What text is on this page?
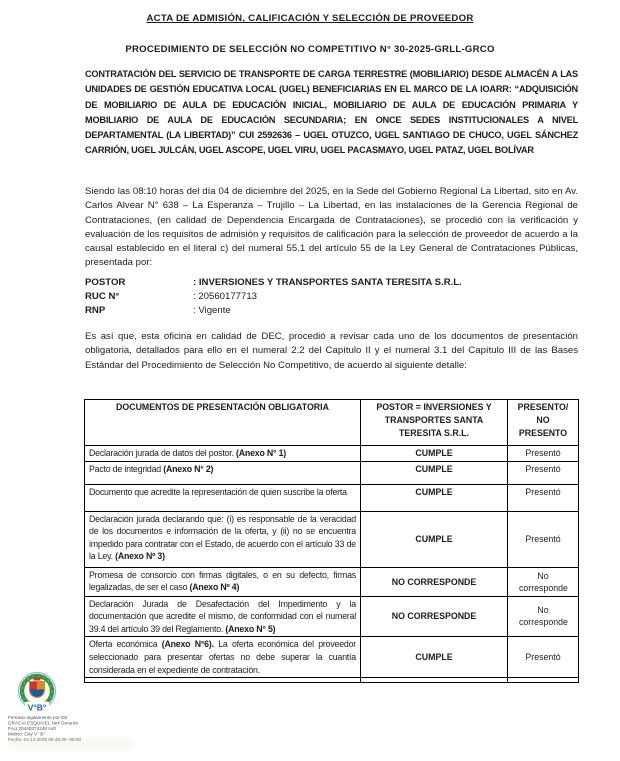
ACTA DE ADMISIÓN, CALIFICACIÓN Y SELECCIÓN DE PROVEEDOR
PROCEDIMIENTO DE SELECCIÓN NO COMPETITIVO N° 30-2025-GRLL-GRCO

CONTRATACIÓN DEL SERVICIO DE TRANSPORTE DE CARGA TERRESTRE (MOBILIARIO) DESDE ALMACÉN A LAS UNIDADES DE GESTIÓN EDUCATIVA LOCAL (UGEL) BENEFICIARIAS EN EL MARCO DE LA IOARR: “ADQUISICIÓN DE MOBILIARIO DE AULA DE EDUCACIÓN INICIAL, MOBILIARIO DE AULA DE EDUCACIÓN PRIMARIA Y MOBILIARIO DE AULA DE EDUCACIÓN SECUNDARIA; EN ONCE SEDES INSTITUCIONALES A NIVEL DEPARTAMENTAL (LA LIBERTAD)” CUI 2592636 – UGEL OTUZCO, UGEL SANTIAGO DE CHUCO, UGEL SÁNCHEZ CARRIÓN, UGEL JULCÁN, UGEL ASCOPE, UGEL VIRU, UGEL PACASMAYO, UGEL PATAZ, UGEL BOLÍVAR

Siendo las 08:10 horas del día 04 de diciembre del 2025, en la Sede del Gobierno Regional La Libertad, sito en Av. Carlos Alvear N° 638 – La Esperanza – Trujillo – La Libertad, en las instalaciones de la Gerencia Regional de Contrataciones, (en calidad de Dependencia Encargada de Contrataciones), se procedió con la verificación y evaluación de los requisitos de admisión y requisitos de calificación para la selección de proveedor de acuerdo a la causal establecido en el literal c) del numeral 55.1 del artículo 55 de la Ley General de Contrataciones Públicas, presentada por:

POSTOR	: INVERSIONES Y TRANSPORTES SANTA TERESITA S.R.L.
RUC N°	: 20560177713
RNP	: Vigente

Es así que, esta oficina en calidad de DEC, procedió a revisar cada uno de los documentos de presentación obligatoria, detallados para ello en el numeral 2.2 del Capítulo II y el numeral 3.1 del Capítulo III de las Bases Estándar del Procedimiento de Selección No Competitivo, de acuerdo al siguiente detalle:

DOCUMENTOS DE PRESENTACIÓN OBLIGATORIA	POSTOR = INVERSIONES Y TRANSPORTES SANTA TERESITA S.R.L.	PRESENTO/
NO PRESENTO

Declaración jurada de datos del postor. (Anexo N° 1)	CUMPLE	Presentó
Pacto de integridad (Anexo N° 2)	CUMPLE	Presentó
Documento que acredite la representación de quien suscribe la oferta	CUMPLE	Presentó
Declaración jurada declarando que: (i) es responsable de la veracidad de los documentos e información de la oferta, y (ii) no se encuentra impedido para contratar con el Estado, de acuerdo con el artículo 33 de la Ley. (Anexo Nº 3)	CUMPLE	Presentó
Promesa de consorcio con firmas digitales, o en su defecto, firmas legalizadas, de ser el caso (Anexo Nº 4)	NO CORRESPONDE	No corresponde
Declaración Jurada de Desafectación del Impedimento y la documentación que acredite el mismo, de conformidad con el numeral 39.4 del artículo 39 del Reglamento. (Anexo N° 5)	NO CORRESPONDE	No corresponde
Oferta económica (Anexo N°6). La oferta económica del proveedor seleccionado para presentar ofertas no debe superar la cuantía considerada en el expediente de contratación.	CUMPLE	Presentó

V°B°
Firmado digitalmente por DE
GRACIA ESQUIVEL Neil Gerardo
FAU 20440374248 soft
Motivo: Doy V° B°
Fecha: 04.12.2025 09:45:38 -05:00
